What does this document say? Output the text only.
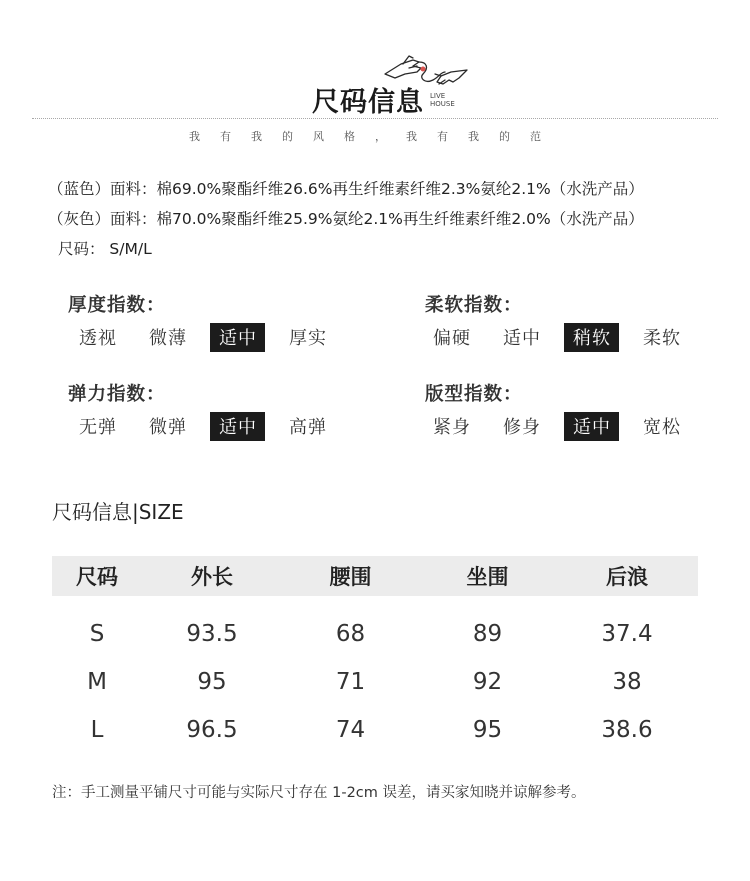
尺码信息 LIVE
HOUSE
我有我的风格，我有我的范
（蓝色）面料：棉69.0%聚酯纤维26.6%再生纤维素纤维2.3%氨纶2.1%（水洗产品）
（灰色）面料：棉70.0%聚酯纤维25.9%氨纶2.1%再生纤维素纤维2.0%（水洗产品）
尺码： S/M/L
厚度指数：
透视	微薄	适中	厚实
柔软指数：
偏硬	适中	稍软	柔软
弹力指数：
无弹	微弹	适中	高弹
版型指数：
紧身	修身	适中	宽松
尺码信息|SIZE
尺码	外长	腰围	坐围	后浪
S	93.5	68	89	37.4
M	95	71	92	38
L	96.5	74	95	38.6
注：手工测量平铺尺寸可能与实际尺寸存在 1-2cm 误差，请买家知晓并谅解参考。
